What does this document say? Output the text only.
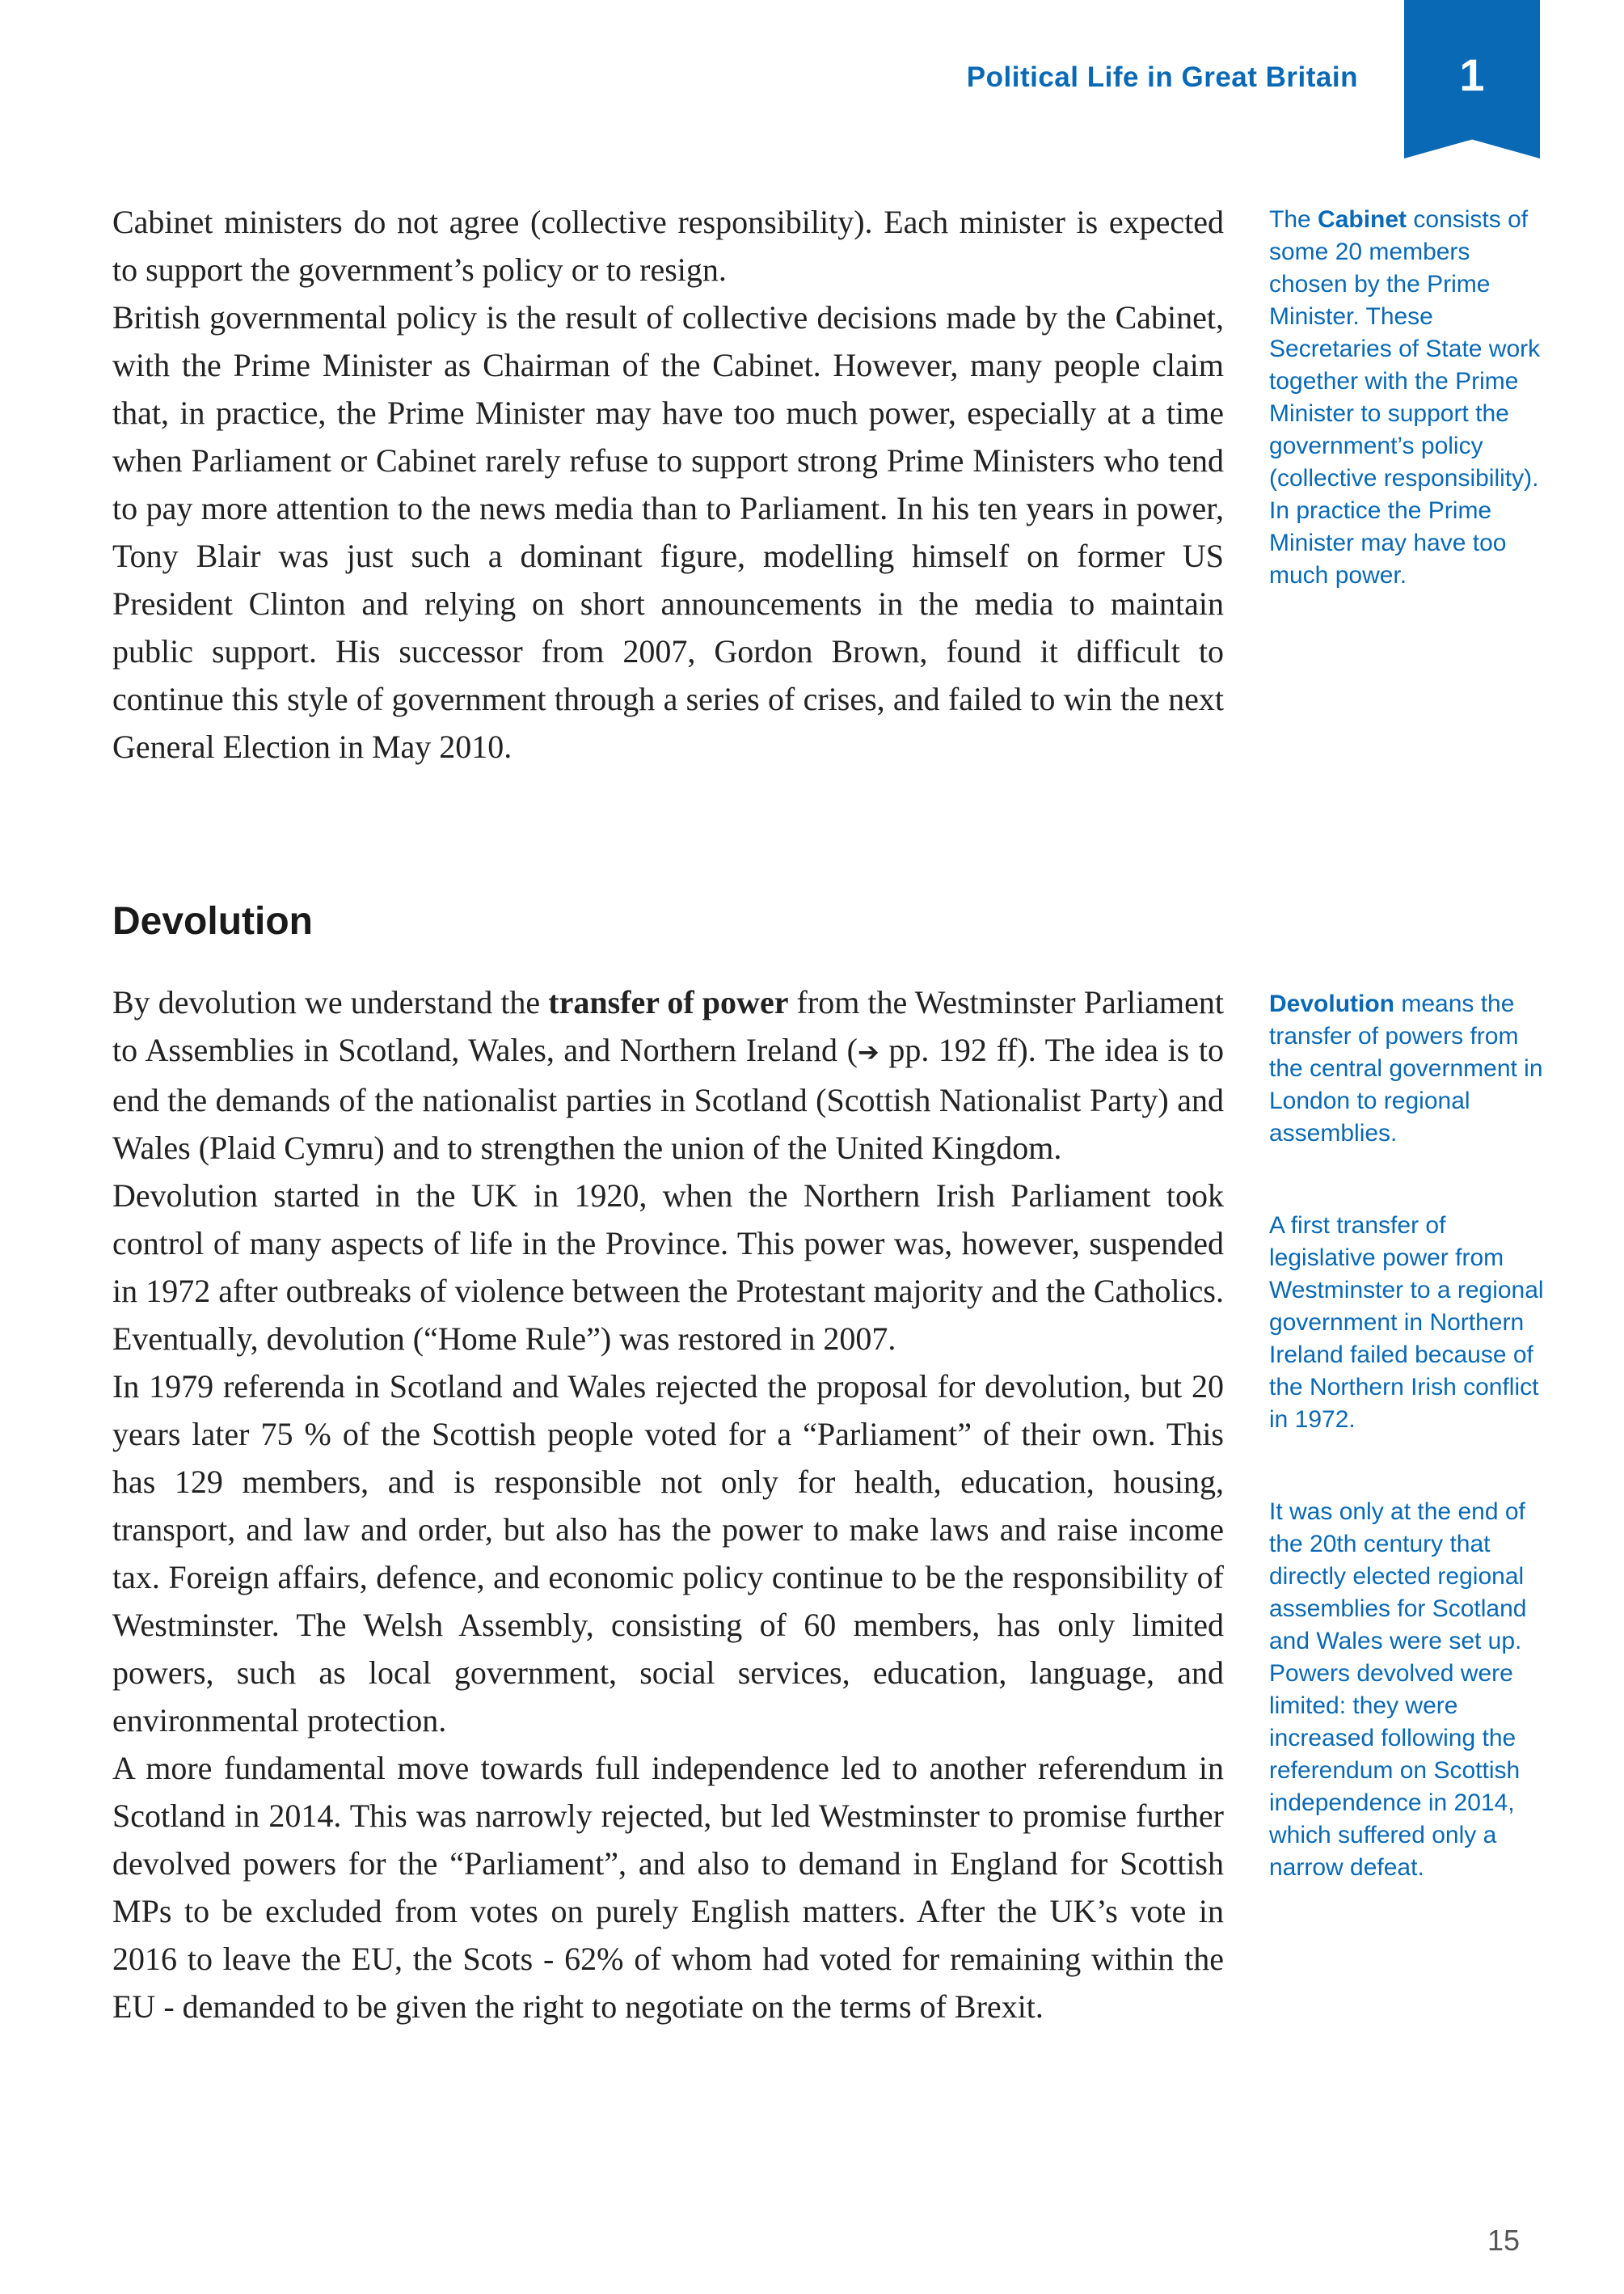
Political Life in Great Britain	1

Cabinet ministers do not agree (collective responsibility). Each minister is expected to support the government’s policy or to resign.

British governmental policy is the result of collective decisions made by the Cabinet, with the Prime Minister as Chairman of the Cabinet. However, many people claim that, in practice, the Prime Minister may have too much power, especially at a time when Parliament or Cabinet rarely refuse to support strong Prime Ministers who tend to pay more attention to the news media than to Parliament. In his ten years in power, Tony Blair was just such a dominant figure, modelling himself on former US President Clinton and relying on short announcements in the media to maintain public support. His successor from 2007, Gordon Brown, found it difficult to continue this style of government through a series of crises, and failed to win the next General Election in May 2010.

The Cabinet consists of some 20 members chosen by the Prime Minister. These Secretaries of State work together with the Prime Minister to support the government’s policy (collective responsibility).

In practice the Prime Minister may have too much power.

Devolution

By devolution we understand the transfer of power from the Westminster Parliament to Assemblies in Scotland, Wales, and Northern Ireland (➔ pp. 192 ff). The idea is to end the demands of the nationalist parties in Scotland (Scottish Nationalist Party) and Wales (Plaid Cymru) and to strengthen the union of the United Kingdom.

Devolution started in the UK in 1920, when the Northern Irish Parliament took control of many aspects of life in the Province. This power was, however, suspended in 1972 after outbreaks of violence between the Protestant majority and the Catholics. Eventually, devolution (“Home Rule”) was restored in 2007.

In 1979 referenda in Scotland and Wales rejected the proposal for devolution, but 20 years later 75 % of the Scottish people voted for a “Parliament” of their own. This has 129 members, and is responsible not only for health, education, housing, transport, and law and order, but also has the power to make laws and raise income tax. Foreign affairs, defence, and economic policy continue to be the responsibility of Westminster. The Welsh Assembly, consisting of 60 members, has only limited powers, such as local government, social services, education, language, and environmental protection.

A more fundamental move towards full independence led to another referendum in Scotland in 2014. This was narrowly rejected, but led Westminster to promise further devolved powers for the “Parliament”, and also to demand in England for Scottish MPs to be excluded from votes on purely English matters. After the UK’s vote in 2016 to leave the EU, the Scots - 62% of whom had voted for remaining within the EU - demanded to be given the right to negotiate on the terms of Brexit.

Devolution means the transfer of powers from the central government in London to regional assemblies.

A first transfer of legislative power from Westminster to a regional government in Northern Ireland failed because of the Northern Irish conflict in 1972.

It was only at the end of the 20th century that directly elected regional assemblies for Scotland and Wales were set up. Powers devolved were limited: they were increased following the referendum on Scottish independence in 2014, which suffered only a narrow defeat.

15
